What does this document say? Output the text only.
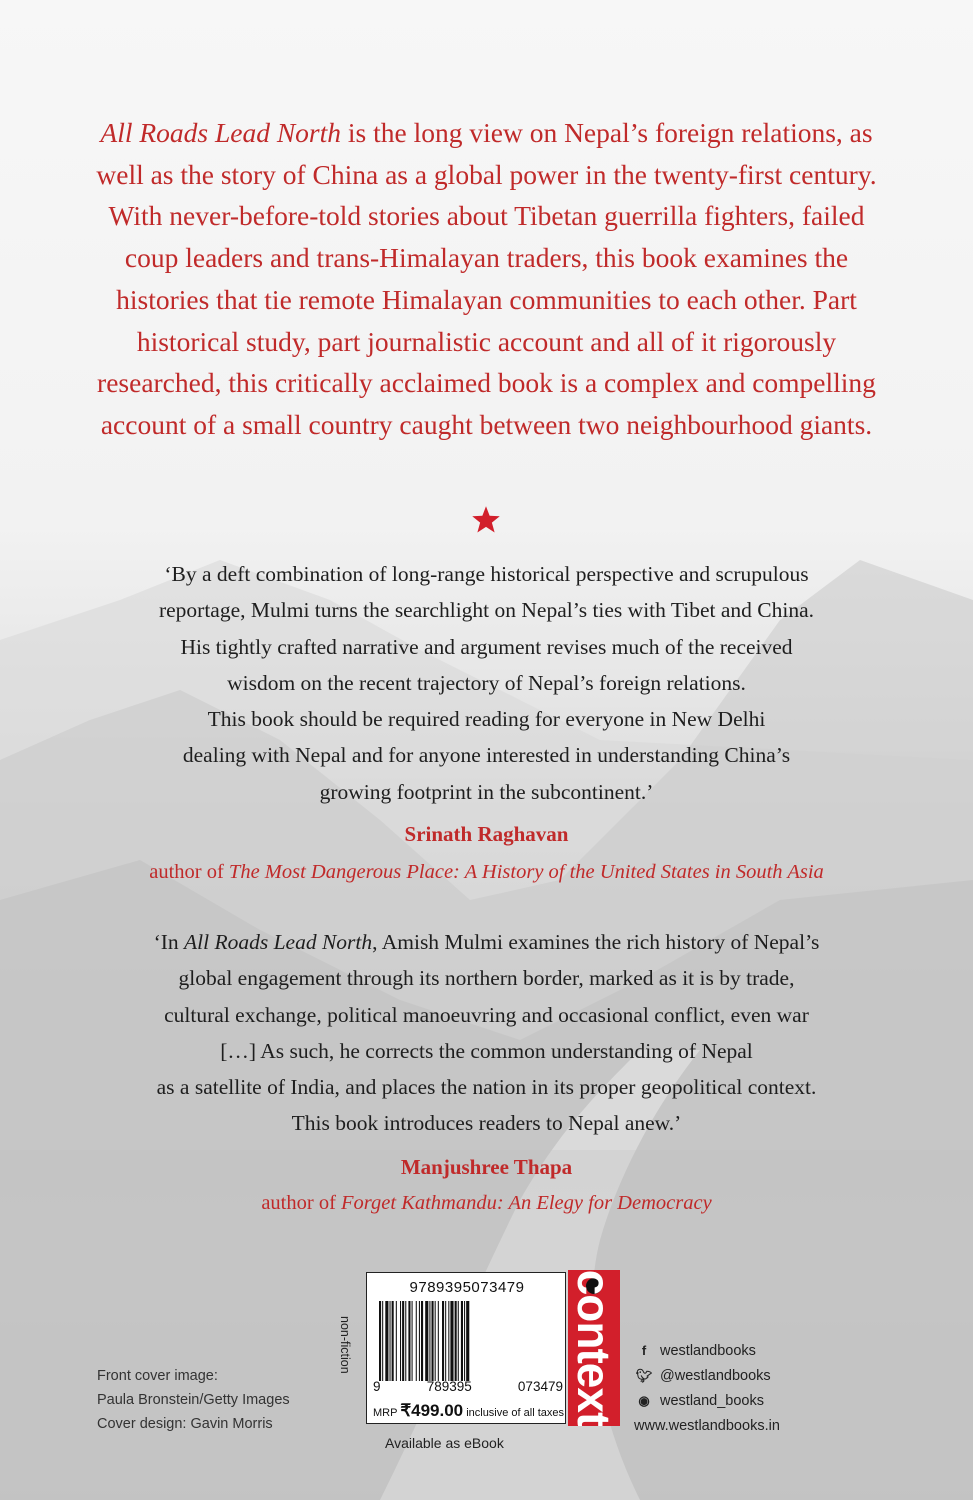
All Roads Lead North is the long view on Nepal’s foreign relations, as well as the story of China as a global power in the twenty-first century. With never-before-told stories about Tibetan guerrilla fighters, failed coup leaders and trans-Himalayan traders, this book examines the histories that tie remote Himalayan communities to each other. Part historical study, part journalistic account and all of it rigorously researched, this critically acclaimed book is a complex and compelling account of a small country caught between two neighbourhood giants.
‘By a deft combination of long-range historical perspective and scrupulous
reportage, Mulmi turns the searchlight on Nepal’s ties with Tibet and China.
His tightly crafted narrative and argument revises much of the received
wisdom on the recent trajectory of Nepal’s foreign relations.
This book should be required reading for everyone in New Delhi
dealing with Nepal and for anyone interested in understanding China’s
growing footprint in the subcontinent.’
Srinath Raghavan
author of The Most Dangerous Place: A History of the United States in South Asia
‘In All Roads Lead North, Amish Mulmi examines the rich history of Nepal’s
global engagement through its northern border, marked as it is by trade,
cultural exchange, political manoeuvring and occasional conflict, even war
[…] As such, he corrects the common understanding of Nepal
as a satellite of India, and places the nation in its proper geopolitical context.
This book introduces readers to Nepal anew.’
Manjushree Thapa
author of Forget Kathmandu: An Elegy for Democracy
Front cover image:
Paula Bronstein/Getty Images
Cover design: Gavin Morris
non-fiction
9789395073479
9	789395	073479
MRP ₹499.00 inclusive of all taxes
Available as eBook
context	f westlandbooks
🐦︎ @westlandbooks
◉ westland_books
www.westlandbooks.in
